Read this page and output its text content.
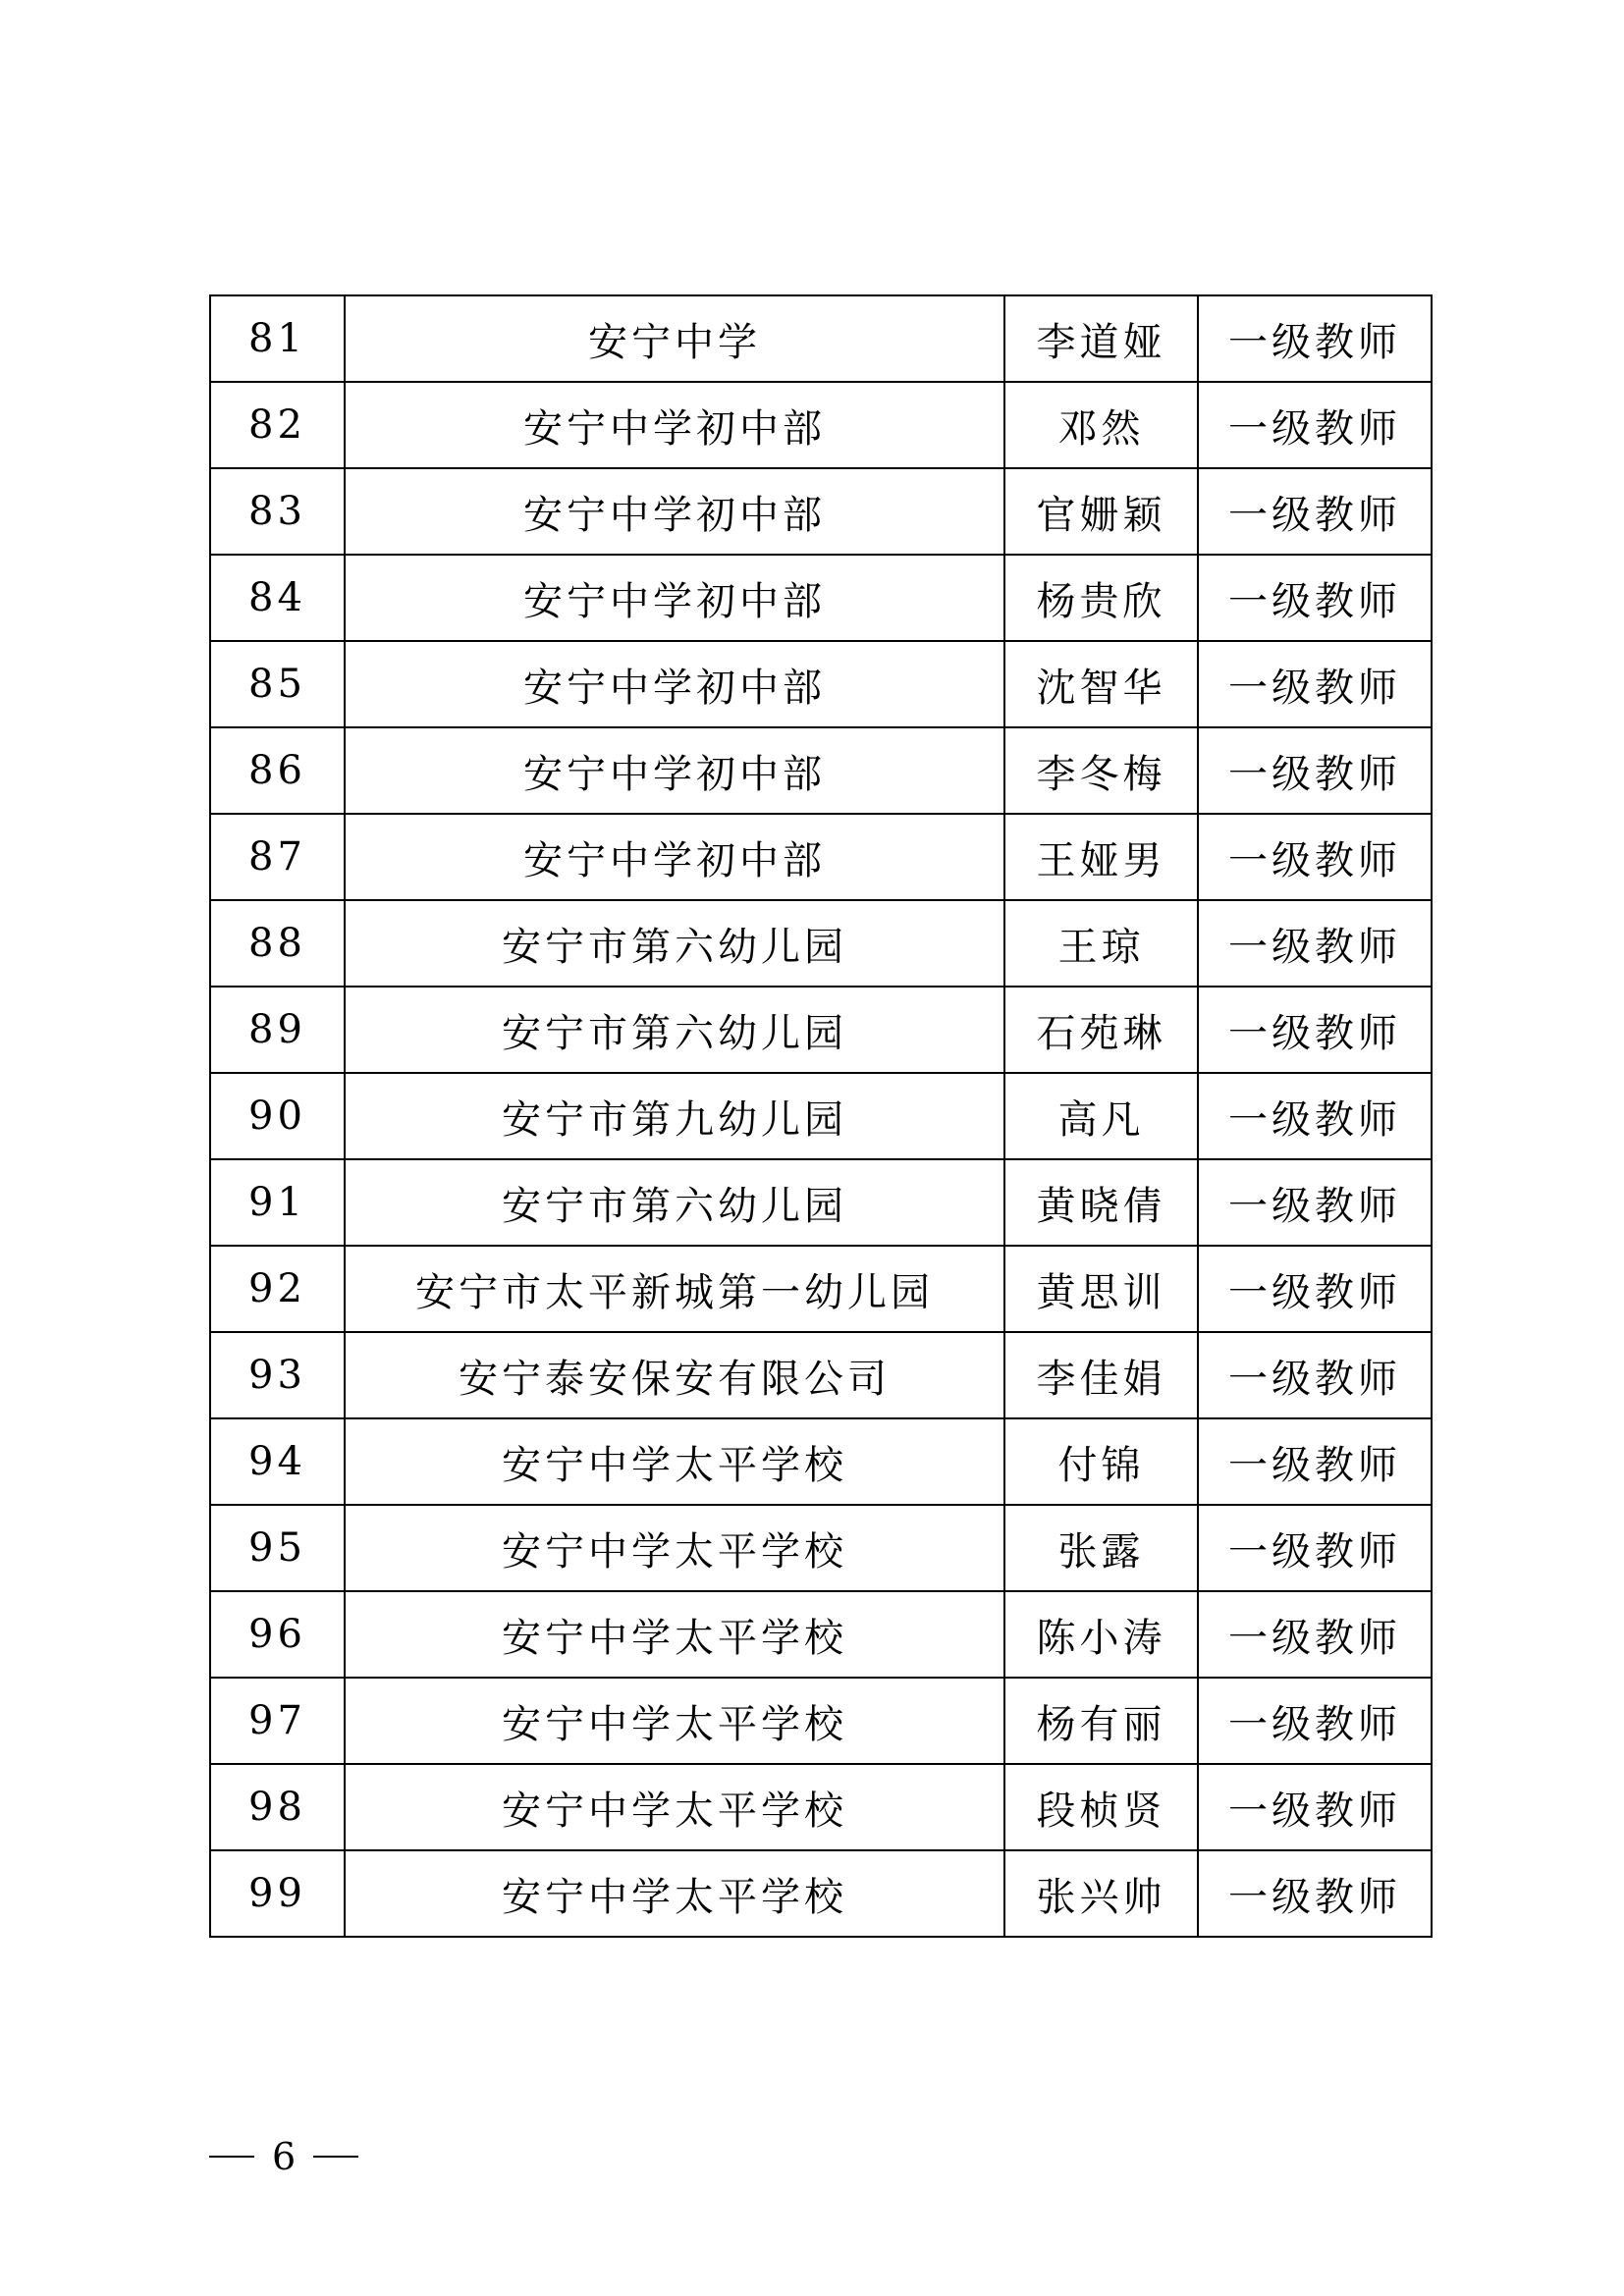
81	安宁中学	李道娅	一级教师
82	安宁中学初中部	邓然	一级教师
83	安宁中学初中部	官姗颖	一级教师
84	安宁中学初中部	杨贵欣	一级教师
85	安宁中学初中部	沈智华	一级教师
86	安宁中学初中部	李冬梅	一级教师
87	安宁中学初中部	王娅男	一级教师
88	安宁市第六幼儿园	王琼	一级教师
89	安宁市第六幼儿园	石苑琳	一级教师
90	安宁市第九幼儿园	高凡	一级教师
91	安宁市第六幼儿园	黄晓倩	一级教师
92	安宁市太平新城第一幼儿园	黄思训	一级教师
93	安宁泰安保安有限公司	李佳娟	一级教师
94	安宁中学太平学校	付锦	一级教师
95	安宁中学太平学校	张露	一级教师
96	安宁中学太平学校	陈小涛	一级教师
97	安宁中学太平学校	杨有丽	一级教师
98	安宁中学太平学校	段桢贤	一级教师
99	安宁中学太平学校	张兴帅	一级教师
6
